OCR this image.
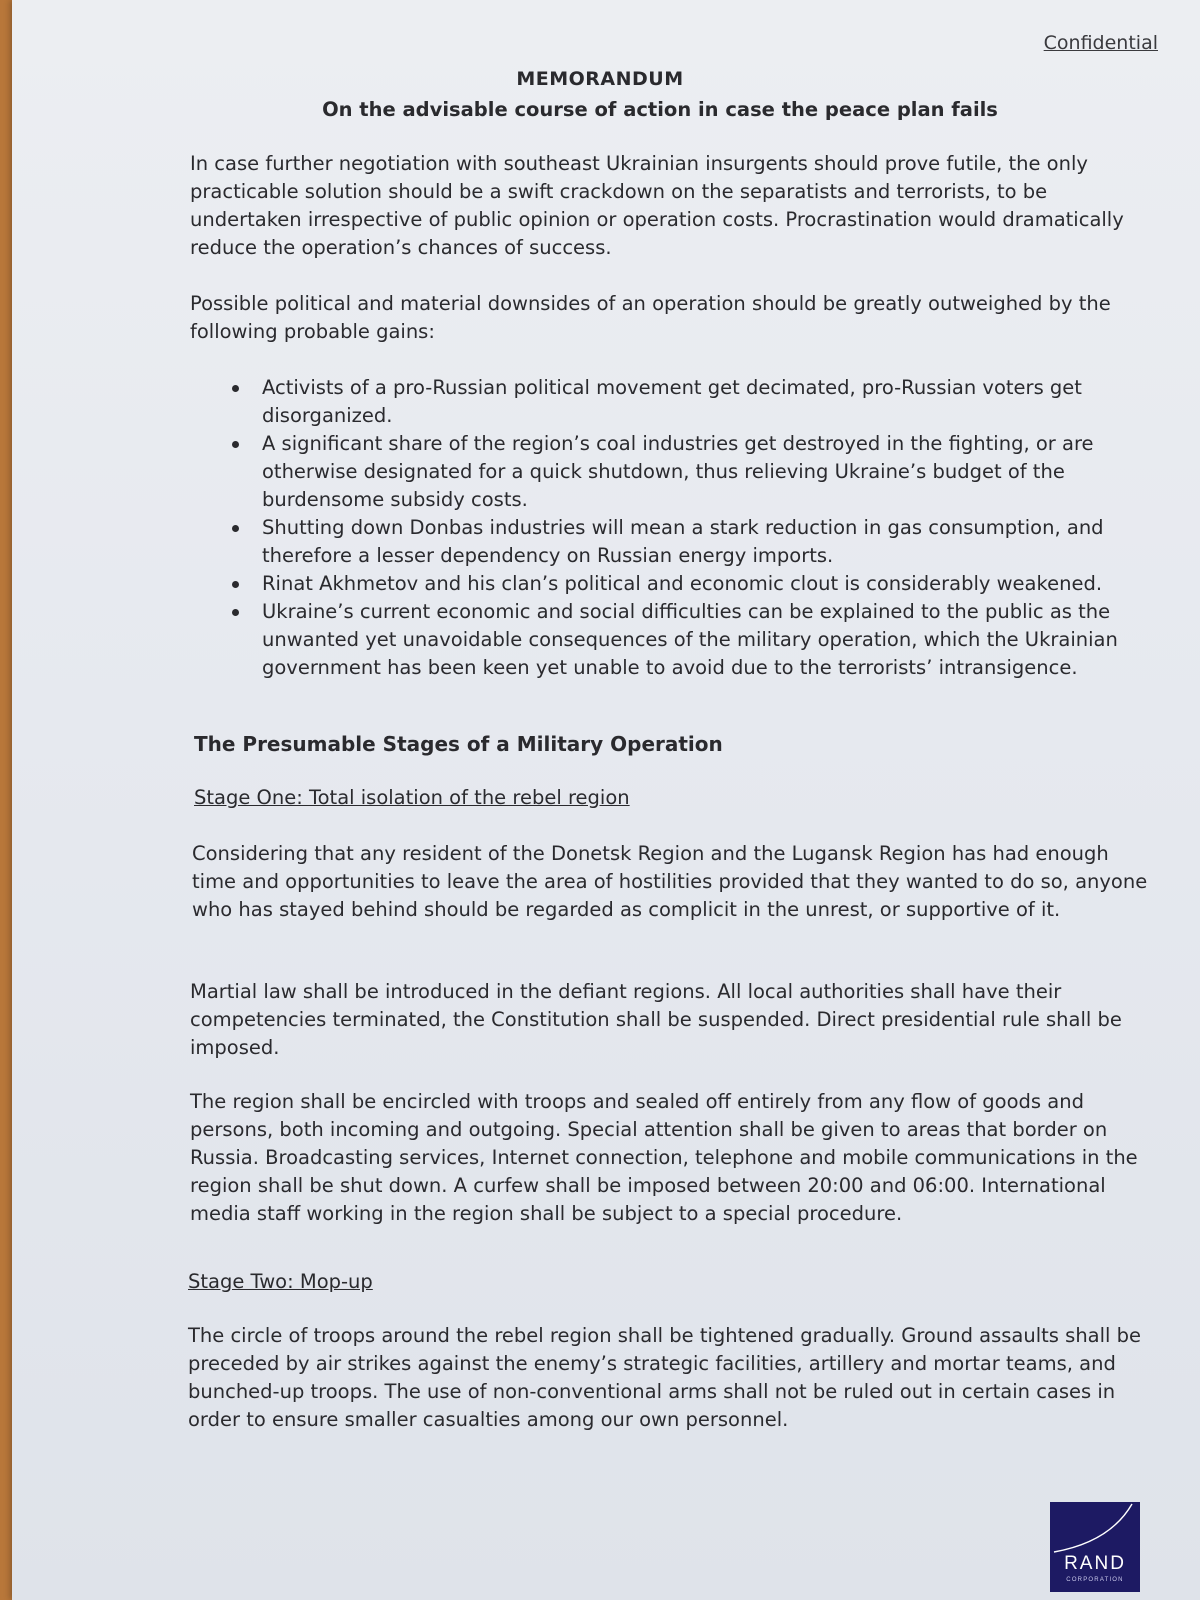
Confidential
MEMORANDUM
On the advisable course of action in case the peace plan fails

In case further negotiation with southeast Ukrainian insurgents should prove futile, the only practicable solution should be a swift crackdown on the separatists and terrorists, to be undertaken irrespective of public opinion or operation costs. Procrastination would dramatically reduce the operation’s chances of success.

Possible political and material downsides of an operation should be greatly outweighed by the following probable gains:

Activists of a pro-Russian political movement get decimated, pro-Russian voters get disorganized.
A significant share of the region’s coal industries get destroyed in the fighting, or are otherwise designated for a quick shutdown, thus relieving Ukraine’s budget of the burdensome subsidy costs.
Shutting down Donbas industries will mean a stark reduction in gas consumption, and therefore a lesser dependency on Russian energy imports.
Rinat Akhmetov and his clan’s political and economic clout is considerably weakened.
Ukraine’s current economic and social difficulties can be explained to the public as the unwanted yet unavoidable consequences of the military operation, which the Ukrainian government has been keen yet unable to avoid due to the terrorists’ intransigence.
The Presumable Stages of a Military Operation
Stage One: Total isolation of the rebel region

Considering that any resident of the Donetsk Region and the Lugansk Region has had enough time and opportunities to leave the area of hostilities provided that they wanted to do so, anyone who has stayed behind should be regarded as complicit in the unrest, or supportive of it.

Martial law shall be introduced in the defiant regions. All local authorities shall have their competencies terminated, the Constitution shall be suspended. Direct presidential rule shall be imposed.

The region shall be encircled with troops and sealed off entirely from any flow of goods and persons, both incoming and outgoing. Special attention shall be given to areas that border on Russia. Broadcasting services, Internet connection, telephone and mobile communications in the region shall be shut down. A curfew shall be imposed between 20:00 and 06:00. International media staff working in the region shall be subject to a special procedure.

Stage Two: Mop-up

The circle of troops around the rebel region shall be tightened gradually. Ground assaults shall be preceded by air strikes against the enemy’s strategic facilities, artillery and mortar teams, and bunched-up troops. The use of non-conventional arms shall not be ruled out in certain cases in order to ensure smaller casualties among our own personnel.

RAND
CORPORATION
